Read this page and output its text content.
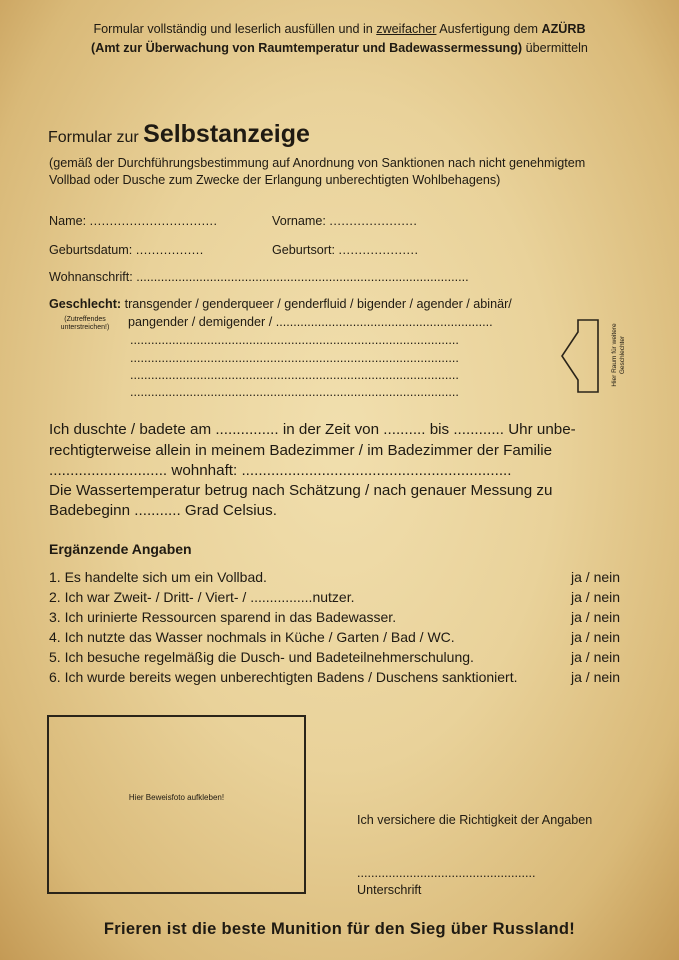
Formular vollständig und leserlich ausfüllen und in zweifacher Ausfertigung dem AZÜRB
(Amt zur Überwachung von Raumtemperatur und Badewassermessung) übermitteln
Formular zur Selbstanzeige
(gemäß der Durchführungsbestimmung auf Anordnung von Sanktionen nach nicht genehmigtem
Vollbad oder Dusche zum Zwecke der Erlangung unberechtigten Wohlbehagens)
Name: ................................	Vorname: ......................
Geburtsdatum: .................	Geburtsort: ....................
Wohnanschrift: ...............................................................................................
Geschlecht: transgender / genderqueer / genderfluid / bigender / agender / abinär/
(Zutreffendes unterstreichen!)	pangender / demigender / ..............................................................
..............................................................................................
..............................................................................................
..............................................................................................
..............................................................................................
Hier Raum für weitere Geschlechter
Ich duschte / badete am ............... in der Zeit von .......... bis ............ Uhr unbe-
rechtigterweise allein in meinem Badezimmer / im Badezimmer der Familie
............................ wohnhaft: ................................................................
Die Wassertemperatur betrug nach Schätzung / nach genauer Messung zu
Badebeginn ........... Grad Celsius.
Ergänzende Angaben
1. Es handelte sich um ein Vollbad.	ja / nein
2. Ich war Zweit- / Dritt- / Viert- / ................nutzer.	ja / nein
3. Ich urinierte Ressourcen sparend in das Badewasser.	ja / nein
4. Ich nutzte das Wasser nochmals in Küche / Garten / Bad / WC.	ja / nein
5. Ich besuche regelmäßig die Dusch- und Badeteilnehmerschulung.	ja / nein
6. Ich wurde bereits wegen unberechtigten Badens / Duschens sanktioniert.	ja / nein
Hier Beweisfoto aufkleben!
Ich versichere die Richtigkeit der Angaben
...................................................
Unterschrift
Frieren ist die beste Munition für den Sieg über Russland!
